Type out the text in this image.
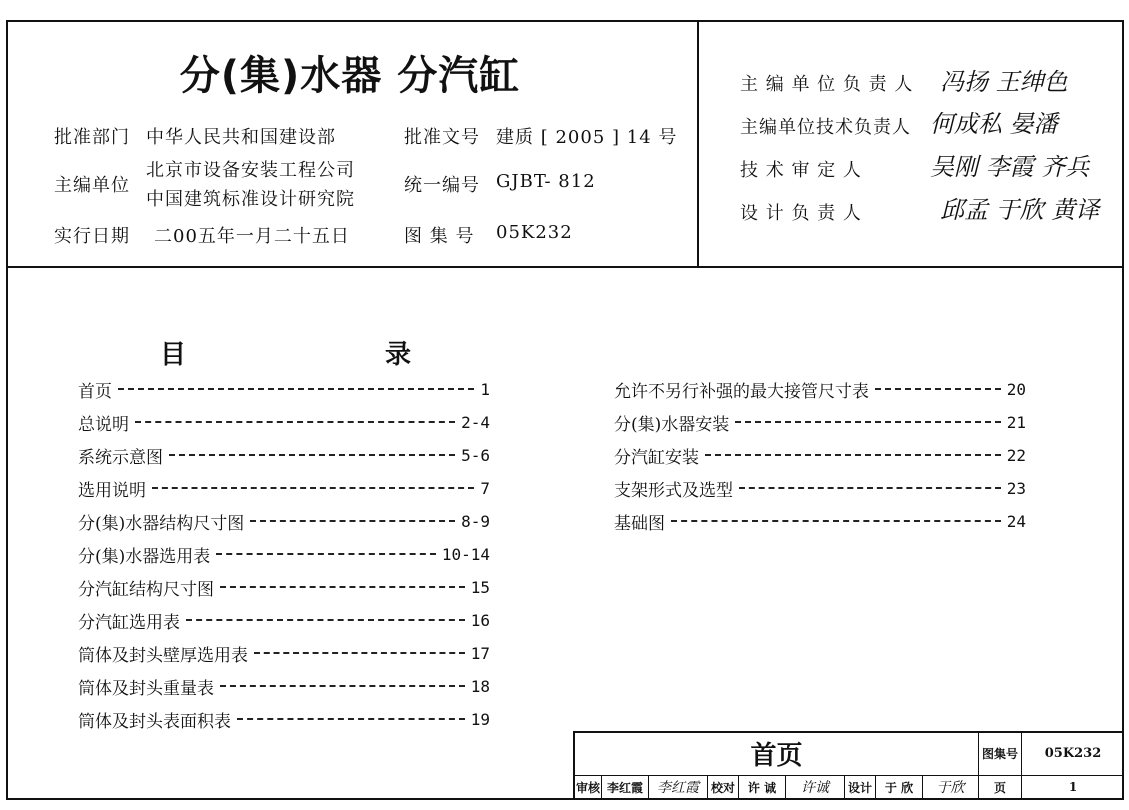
分(集)水器 分汽缸
批准部门 中华人民共和国建设部
主编单位
北京市设备安装工程公司
中国建筑标准设计研究院
实行日期 二00五年一月二十五日
批准文号 建质 [ 2005 ] 14 号
统一编号 GJBT- 812
图 集 号 05K232
主 编 单 位 负 责 人 冯扬 王绅色
主编单位技术负责人 何成私 晏潘
技 术 审 定 人	吴刚 李霞 齐兵
设 计 负 责 人	邱孟 于欣 黄译
目	录
首页	1
总说明	2-4
系统示意图	5-6
选用说明	7
分(集)水器结构尺寸图	8-9
分(集)水器选用表	10-14
分汽缸结构尺寸图	15
分汽缸选用表	16
筒体及封头壁厚选用表	17
筒体及封头重量表	18
筒体及封头表面积表	19
允许不另行补强的最大接管尺寸表	20
分(集)水器安装	21
分汽缸安装	22
支架形式及选型	23
基础图	24
首页									图集号	05K232
审核	李红霞	李红霞	校对	许 诚	许诚	设计	于 欣	于欣	页	1
